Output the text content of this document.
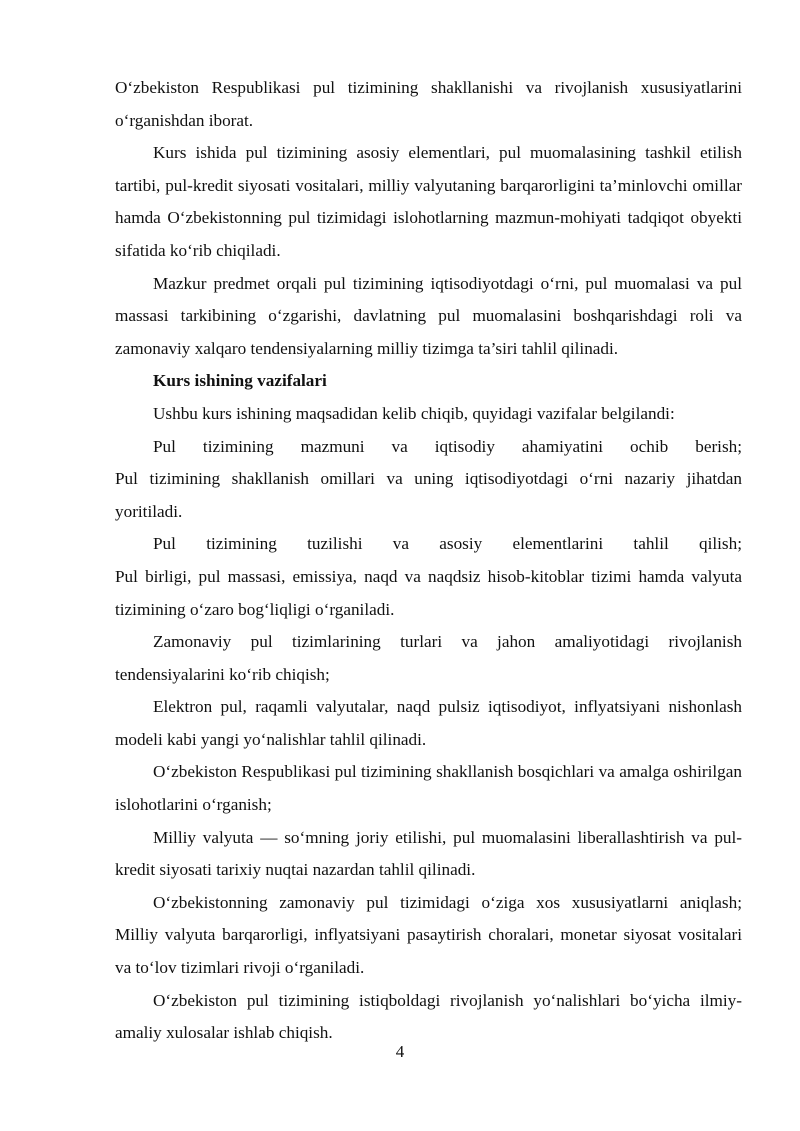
O‘zbekiston Respublikasi pul tizimining shakllanishi va rivojlanish xususiyatlarini o‘rganishdan iborat.

Kurs ishida pul tizimining asosiy elementlari, pul muomalasining tashkil etilish tartibi, pul-kredit siyosati vositalari, milliy valyutaning barqarorligini ta’minlovchi omillar hamda O‘zbekistonning pul tizimidagi islohotlarning mazmun-mohiyati tadqiqot obyekti sifatida ko‘rib chiqiladi.

Mazkur predmet orqali pul tizimining iqtisodiyotdagi o‘rni, pul muomalasi va pul massasi tarkibining o‘zgarishi, davlatning pul muomalasini boshqarishdagi roli va zamonaviy xalqaro tendensiyalarning milliy tizimga ta’siri tahlil qilinadi.

Kurs ishining vazifalari

Ushbu kurs ishining maqsadidan kelib chiqib, quyidagi vazifalar belgilandi:

Pul tizimining mazmuni va iqtisodiy ahamiyatini ochib berish;

Pul tizimining shakllanish omillari va uning iqtisodiyotdagi o‘rni nazariy jihatdan yoritiladi.

Pul tizimining tuzilishi va asosiy elementlarini tahlil qilish;

Pul birligi, pul massasi, emissiya, naqd va naqdsiz hisob-kitoblar tizimi hamda valyuta tizimining o‘zaro bog‘liqligi o‘rganiladi.

Zamonaviy pul tizimlarining turlari va jahon amaliyotidagi rivojlanish tendensiyalarini ko‘rib chiqish;

Elektron pul, raqamli valyutalar, naqd pulsiz iqtisodiyot, inflyatsiyani nishonlash modeli kabi yangi yo‘nalishlar tahlil qilinadi.

O‘zbekiston Respublikasi pul tizimining shakllanish bosqichlari va amalga oshirilgan islohotlarini o‘rganish;

Milliy valyuta — so‘mning joriy etilishi, pul muomalasini liberallashtirish va pul-kredit siyosati tarixiy nuqtai nazardan tahlil qilinadi.

O‘zbekistonning zamonaviy pul tizimidagi o‘ziga xos xususiyatlarni aniqlash;

Milliy valyuta barqarorligi, inflyatsiyani pasaytirish choralari, monetar siyosat vositalari va to‘lov tizimlari rivoji o‘rganiladi.

O‘zbekiston pul tizimining istiqboldagi rivojlanish yo‘nalishlari bo‘yicha ilmiy-amaliy xulosalar ishlab chiqish.

4
